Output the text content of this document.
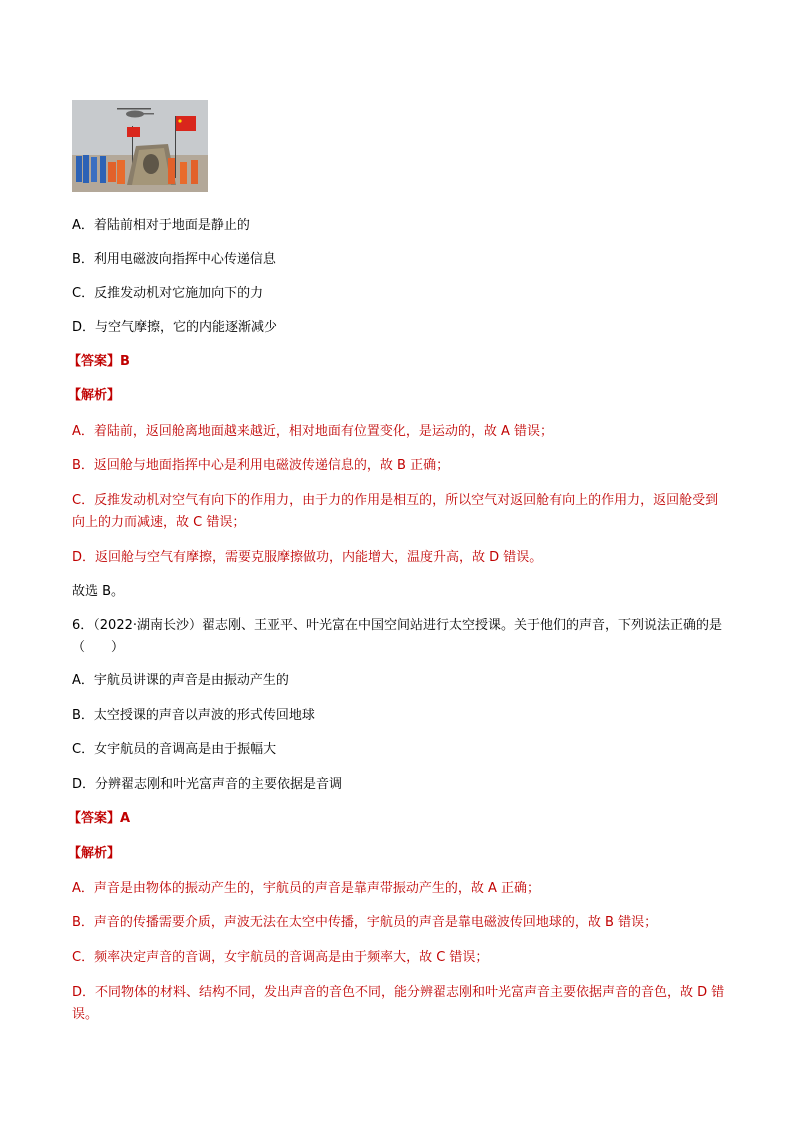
A．着陆前相对于地面是静止的
B．利用电磁波向指挥中心传递信息
C．反推发动机对它施加向下的力
D．与空气摩擦，它的内能逐渐减少
【答案】B
【解析】
A．着陆前，返回舱离地面越来越近，相对地面有位置变化，是运动的，故 A 错误；
B．返回舱与地面指挥中心是利用电磁波传递信息的，故 B 正确；
C．反推发动机对空气有向下的作用力，由于力的作用是相互的，所以空气对返回舱有向上的作用力，返回舱受到向上的力而减速，故 C 错误；
D．返回舱与空气有摩擦，需要克服摩擦做功，内能增大，温度升高，故 D 错误。
故选 B。
6．（2022·湖南长沙）翟志刚、王亚平、叶光富在中国空间站进行太空授课。关于他们的声音，下列说法正确的是（　　）
A．宇航员讲课的声音是由振动产生的
B．太空授课的声音以声波的形式传回地球
C．女宇航员的音调高是由于振幅大
D．分辨翟志刚和叶光富声音的主要依据是音调
【答案】A
【解析】
A．声音是由物体的振动产生的，宇航员的声音是靠声带振动产生的，故 A 正确；
B．声音的传播需要介质，声波无法在太空中传播，宇航员的声音是靠电磁波传回地球的，故 B 错误；
C．频率决定声音的音调，女宇航员的音调高是由于频率大，故 C 错误；
D．不同物体的材料、结构不同，发出声音的音色不同，能分辨翟志刚和叶光富声音主要依据声音的音色，故 D 错误。
